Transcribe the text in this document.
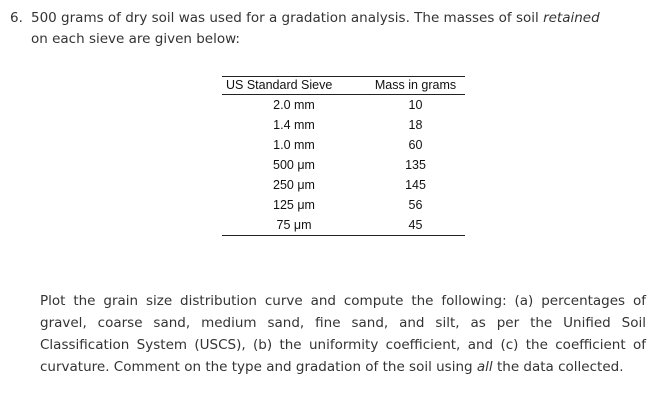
6. 500 grams of dry soil was used for a gradation analysis. The masses of soil retained
on each sieve are given below:
US Standard Sieve	Mass in grams
2.0 mm	10
1.4 mm	18
1.0 mm	60
500 μm	135
250 μm	145
125 μm	56
75 μm	45
Plot the grain size distribution curve and compute the following: (a) percentages of gravel, coarse sand, medium sand, fine sand, and silt, as per the Unified Soil Classification System (USCS), (b) the uniformity coefficient, and (c) the coefficient of curvature. Comment on the type and gradation of the soil using all the data collected.
